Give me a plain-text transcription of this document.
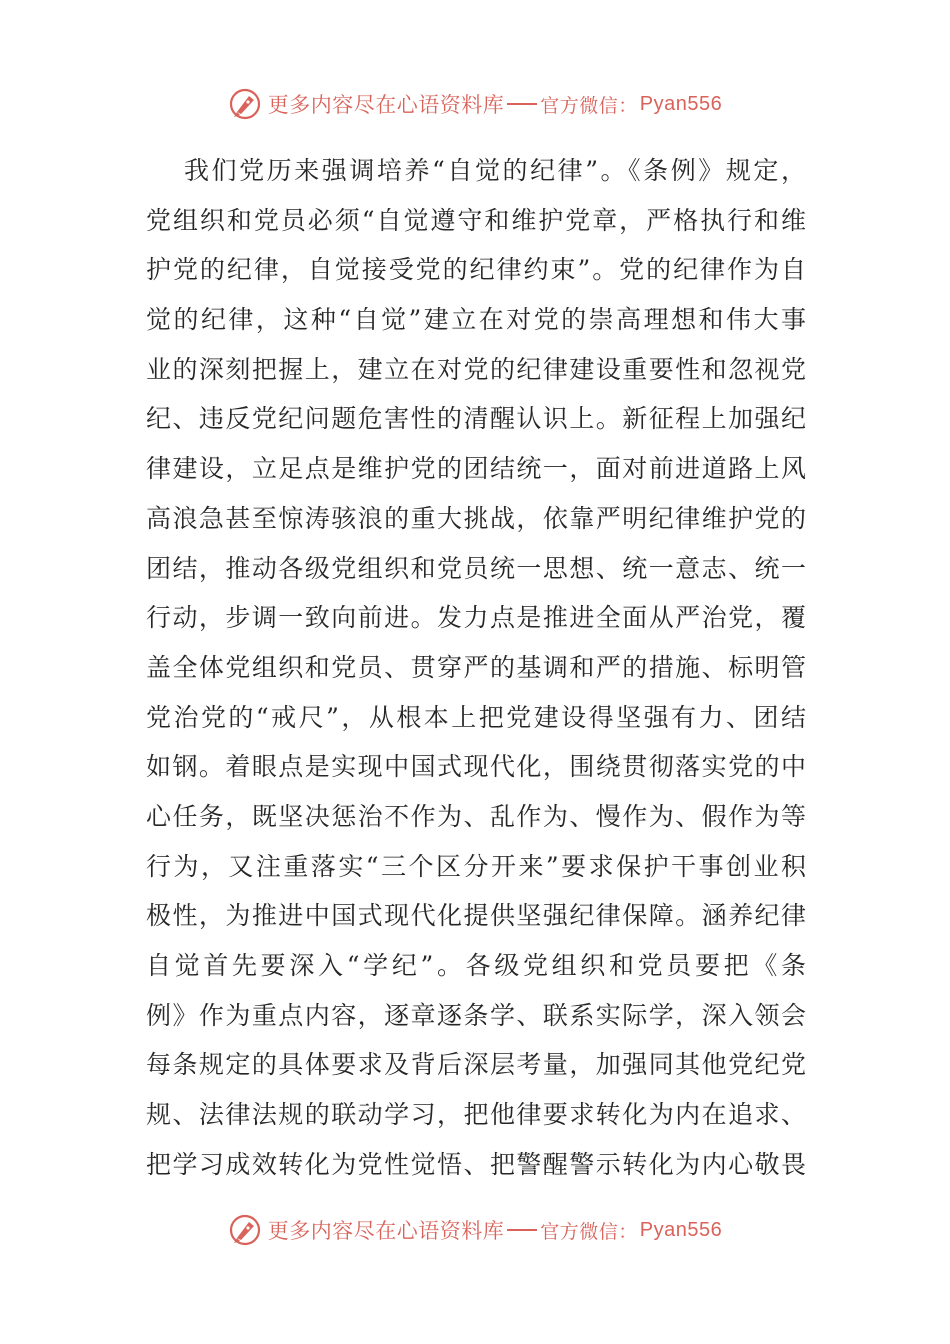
更多内容尽在心语资料库 官方微信： Pyan556
我们党历来强调培养“自觉的纪律”。《条例》规定，
党组织和党员必须“自觉遵守和维护党章，严格执行和维
护党的纪律，自觉接受党的纪律约束”。党的纪律作为自
觉的纪律，这种“自觉”建立在对党的崇高理想和伟大事
业的深刻把握上，建立在对党的纪律建设重要性和忽视党
纪、违反党纪问题危害性的清醒认识上。新征程上加强纪
律建设，立足点是维护党的团结统一，面对前进道路上风
高浪急甚至惊涛骇浪的重大挑战，依靠严明纪律维护党的
团结，推动各级党组织和党员统一思想、统一意志、统一
行动，步调一致向前进。发力点是推进全面从严治党，覆
盖全体党组织和党员、贯穿严的基调和严的措施、标明管
党治党的“戒尺”，从根本上把党建设得坚强有力、团结
如钢。着眼点是实现中国式现代化，围绕贯彻落实党的中
心任务，既坚决惩治不作为、乱作为、慢作为、假作为等
行为，又注重落实“三个区分开来”要求保护干事创业积
极性，为推进中国式现代化提供坚强纪律保障。涵养纪律
自觉首先要深入“学纪”。各级党组织和党员要把《条
例》作为重点内容，逐章逐条学、联系实际学，深入领会
每条规定的具体要求及背后深层考量，加强同其他党纪党
规、法律法规的联动学习，把他律要求转化为内在追求、
把学习成效转化为党性觉悟、把警醒警示转化为内心敬畏
更多内容尽在心语资料库 官方微信： Pyan556
